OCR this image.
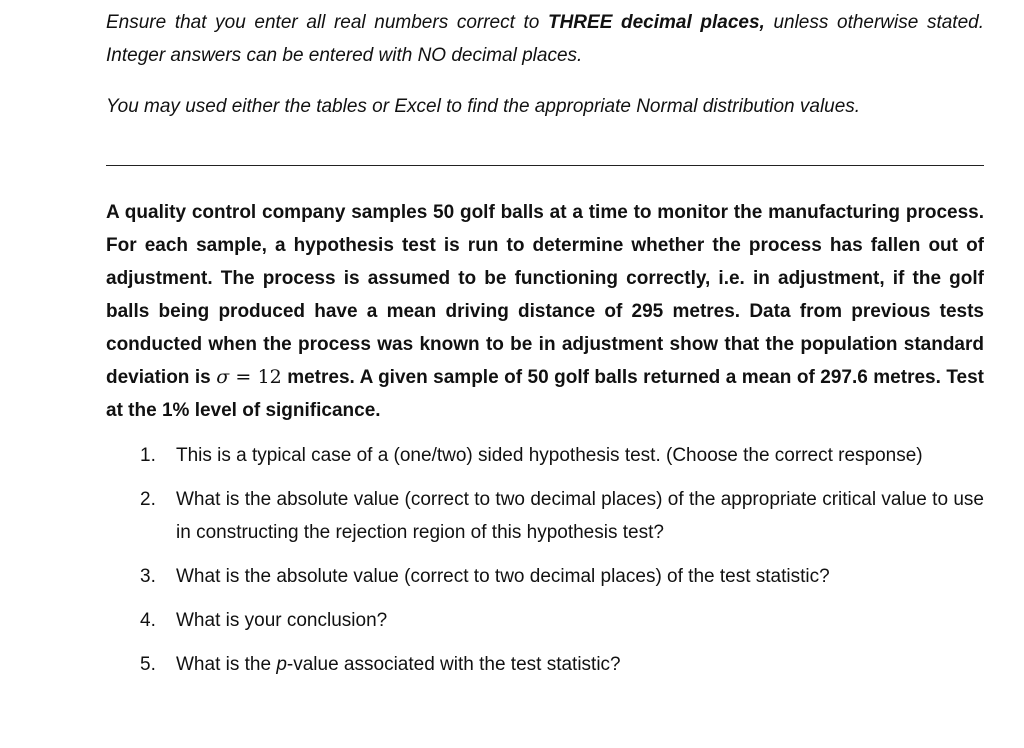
Ensure that you enter all real numbers correct to THREE decimal places, unless otherwise stated. Integer answers can be entered with NO decimal places.

You may used either the tables or Excel to find the appropriate Normal distribution values.

A quality control company samples 50 golf balls at a time to monitor the manufacturing process. For each sample, a hypothesis test is run to determine whether the process has fallen out of adjustment. The process is assumed to be functioning correctly, i.e. in adjustment, if the golf balls being produced have a mean driving distance of 295 metres. Data from previous tests conducted when the process was known to be in adjustment show that the population standard deviation is σ = 12 metres. A given sample of 50 golf balls returned a mean of 297.6 metres. Test at the 1% level of significance.
1. This is a typical case of a (one/two) sided hypothesis test. (Choose the correct response)
2. What is the absolute value (correct to two decimal places) of the appropriate critical value to use in constructing the rejection region of this hypothesis test?
3. What is the absolute value (correct to two decimal places) of the test statistic?
4. What is your conclusion?
5. What is the p-value associated with the test statistic?
